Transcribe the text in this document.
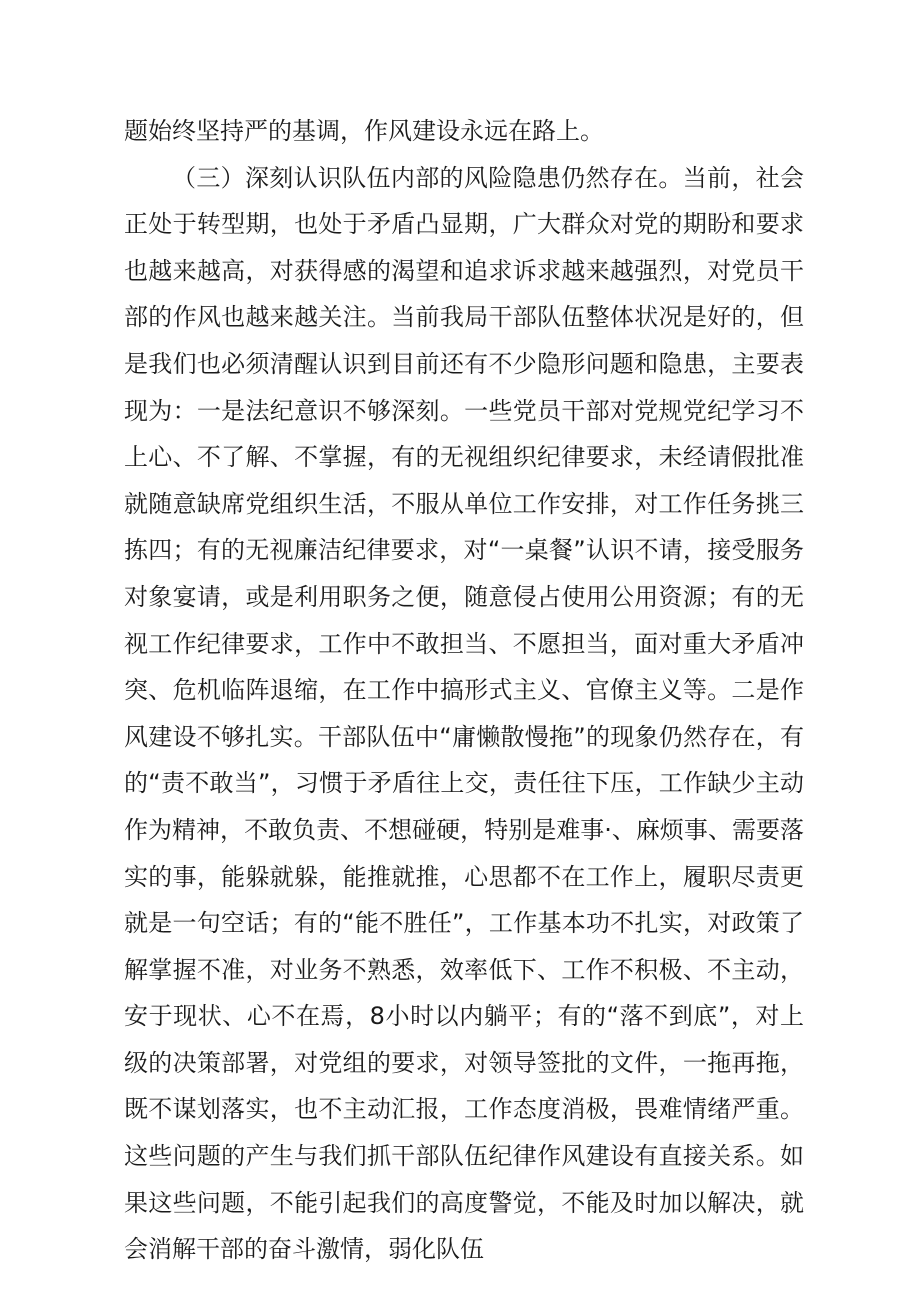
题始终坚持严的基调，作风建设永远在路上。

（三）深刻认识队伍内部的风险隐患仍然存在。当前，社会正处于转型期，也处于矛盾凸显期，广大群众对党的期盼和要求也越来越高，对获得感的渴望和追求诉求越来越强烈，对党员干部的作风也越来越关注。当前我局干部队伍整体状况是好的，但是我们也必须清醒认识到目前还有不少隐形问题和隐患，主要表现为：一是法纪意识不够深刻。一些党员干部对党规党纪学习不上心、不了解、不掌握，有的无视组织纪律要求，未经请假批准就随意缺席党组织生活，不服从单位工作安排，对工作任务挑三拣四；有的无视廉洁纪律要求，对“一桌餐”认识不请，接受服务对象宴请，或是利用职务之便，随意侵占使用公用资源；有的无视工作纪律要求，工作中不敢担当、不愿担当，面对重大矛盾冲突、危机临阵退缩，在工作中搞形式主义、官僚主义等。二是作风建设不够扎实。干部队伍中“庸懒散慢拖”的现象仍然存在，有的“责不敢当”，习惯于矛盾往上交，责任往下压，工作缺少主动作为精神，不敢负责、不想碰硬，特别是难事·、麻烦事、需要落实的事，能躲就躲，能推就推，心思都不在工作上，履职尽责更就是一句空话；有的“能不胜任”，工作基本功不扎实，对政策了解掌握不准，对业务不熟悉，效率低下、工作不积极、不主动，安于现状、心不在焉，8小时以内躺平；有的“落不到底”，对上级的决策部署，对党组的要求，对领导签批的文件，一拖再拖，既不谋划落实，也不主动汇报，工作态度消极，畏难情绪严重。这些问题的产生与我们抓干部队伍纪律作风建设有直接关系。如果这些问题，不能引起我们的高度警觉，不能及时加以解决，就会消解干部的奋斗激情，弱化队伍
